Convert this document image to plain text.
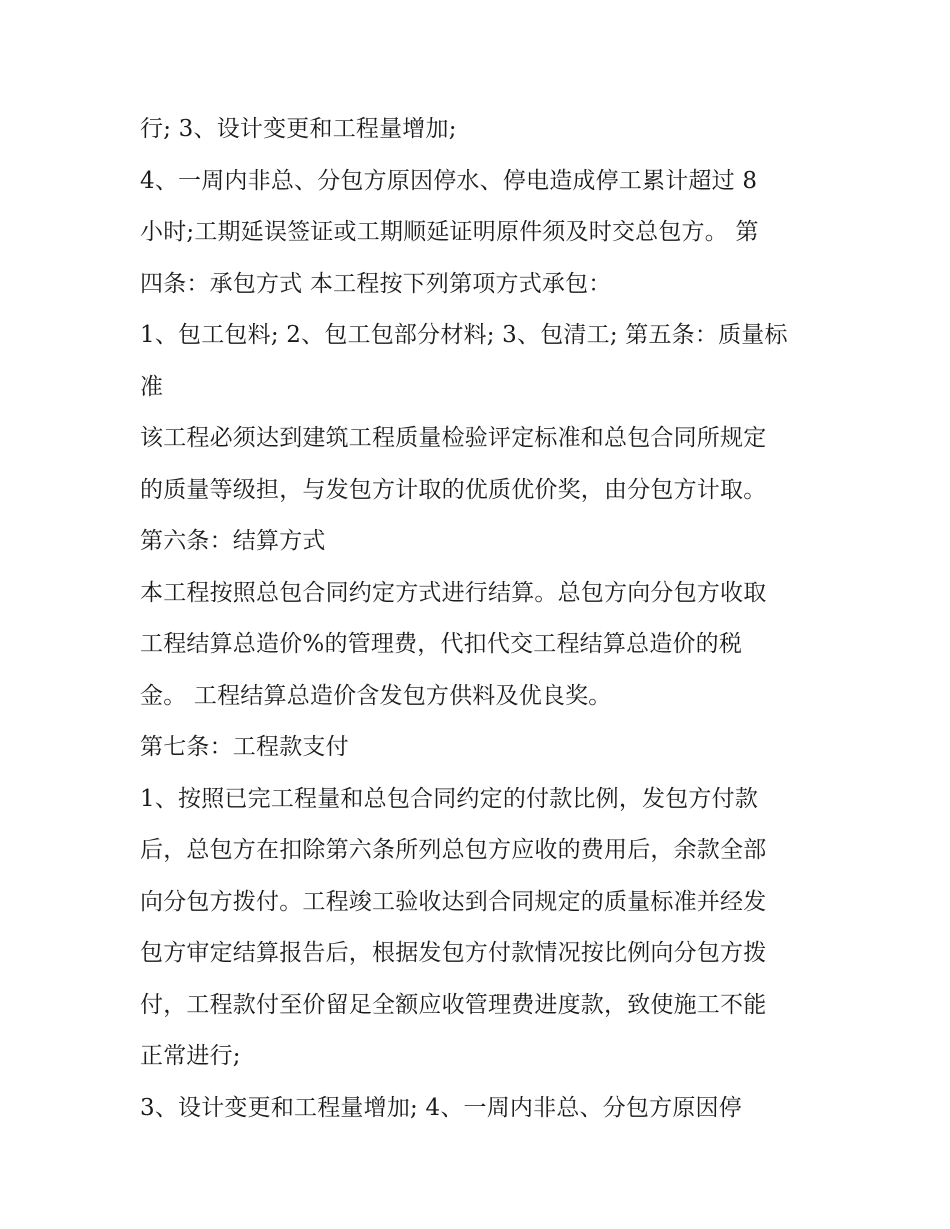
行; 3、设计变更和工程量增加;
4、一周内非总、分包方原因停水、停电造成停工累计超过 8
小时;工期延误签证或工期顺延证明原件须及时交总包方。 第
四条：承包方式 本工程按下列第项方式承包：
1、包工包料; 2、包工包部分材料; 3、包清工; 第五条：质量标
准
该工程必须达到建筑工程质量检验评定标准和总包合同所规定
的质量等级担，与发包方计取的优质优价奖，由分包方计取。
第六条：结算方式
本工程按照总包合同约定方式进行结算。总包方向分包方收取
工程结算总造价%的管理费，代扣代交工程结算总造价的税
金。 工程结算总造价含发包方供料及优良奖。
第七条：工程款支付
1、按照已完工程量和总包合同约定的付款比例，发包方付款
后，总包方在扣除第六条所列总包方应收的费用后，余款全部
向分包方拨付。工程竣工验收达到合同规定的质量标准并经发
包方审定结算报告后，根据发包方付款情况按比例向分包方拨
付，工程款付至价留足全额应收管理费进度款，致使施工不能
正常进行;
3、设计变更和工程量增加; 4、一周内非总、分包方原因停
